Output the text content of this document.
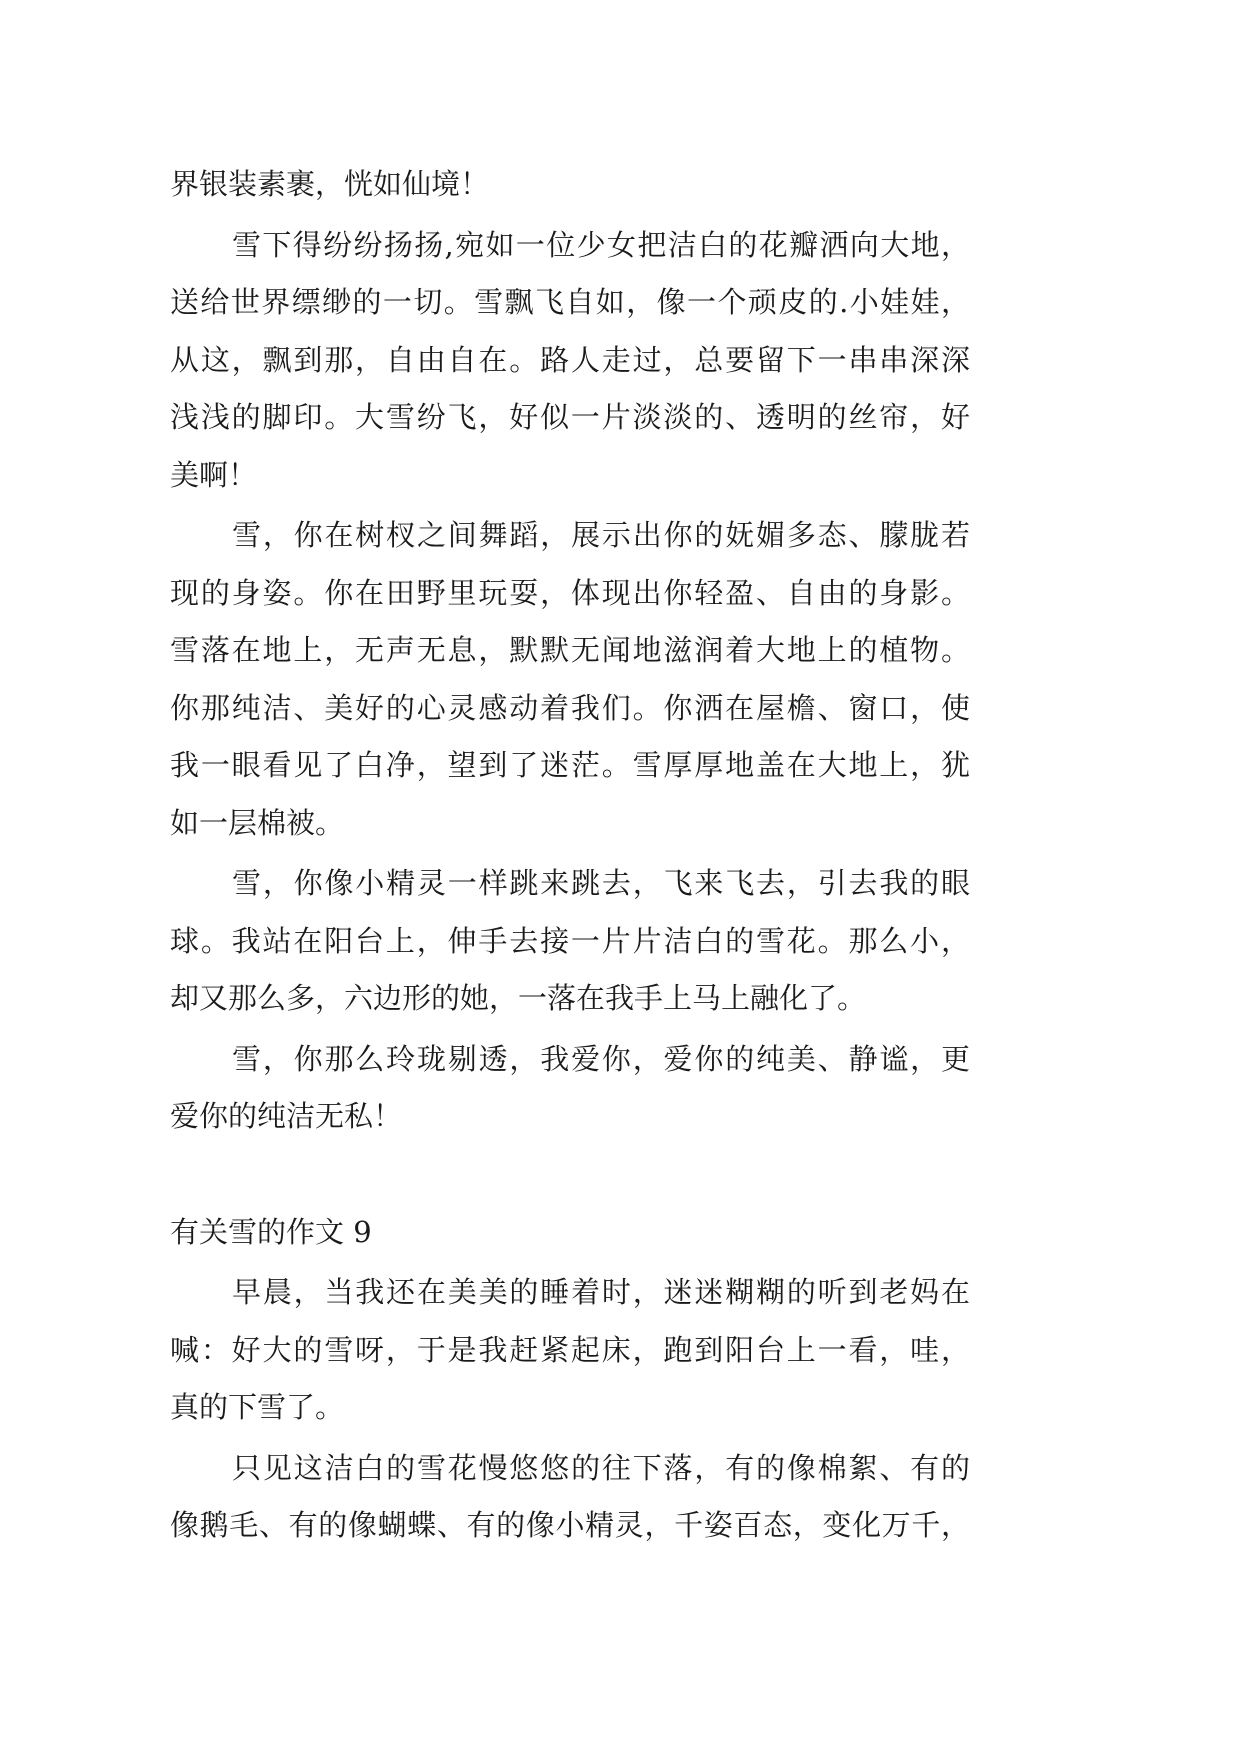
界银装素裹，恍如仙境！
雪下得纷纷扬扬,宛如一位少女把洁白的花瓣洒向大地，
送给世界缥缈的一切。雪飘飞自如，像一个顽皮的.小娃娃，
从这，飘到那，自由自在。路人走过，总要留下一串串深深
浅浅的脚印。大雪纷飞，好似一片淡淡的、透明的丝帘，好
美啊！
雪，你在树杈之间舞蹈，展示出你的妩媚多态、朦胧若
现的身姿。你在田野里玩耍，体现出你轻盈、自由的身影。
雪落在地上，无声无息，默默无闻地滋润着大地上的植物。
你那纯洁、美好的心灵感动着我们。你洒在屋檐、窗口，使
我一眼看见了白净，望到了迷茫。雪厚厚地盖在大地上，犹
如一层棉被。
雪，你像小精灵一样跳来跳去，飞来飞去，引去我的眼
球。我站在阳台上，伸手去接一片片洁白的雪花。那么小，
却又那么多，六边形的她，一落在我手上马上融化了。
雪，你那么玲珑剔透，我爱你，爱你的纯美、静谧，更
爱你的纯洁无私！
有关雪的作文 9
早晨，当我还在美美的睡着时，迷迷糊糊的听到老妈在
喊：好大的雪呀，于是我赶紧起床，跑到阳台上一看，哇，
真的下雪了。
只见这洁白的雪花慢悠悠的往下落，有的像棉絮、有的
像鹅毛、有的像蝴蝶、有的像小精灵，千姿百态，变化万千，
